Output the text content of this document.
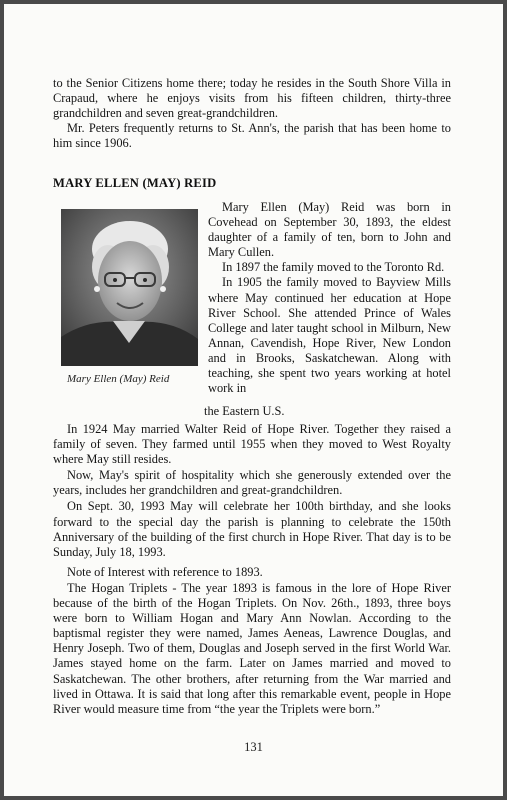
to the Senior Citizens home there; today he resides in the South Shore Villa in Crapaud, where he enjoys visits from his fifteen children, thirty-three grandchildren and seven great-grandchildren.

Mr. Peters frequently returns to St. Ann's, the parish that has been home to him since 1906.

MARY ELLEN (MAY) REID
Mary Ellen (May) Reid

Mary Ellen (May) Reid was born in Covehead on September 30, 1893, the eldest daughter of a family of ten, born to John and Mary Cullen.

In 1897 the family moved to the Toronto Rd.

In 1905 the family moved to Bayview Mills where May continued her education at Hope River School. She attended Prince of Wales College and later taught school in Milburn, New Annan, Cavendish, Hope River, New London and in Brooks, Saskatchewan. Along with teaching, she spent two years working at hotel work in

the Eastern U.S.

In 1924 May married Walter Reid of Hope River. Together they raised a family of seven. They farmed until 1955 when they moved to West Royalty where May still resides.

Now, May's spirit of hospitality which she generously extended over the years, includes her grandchildren and great-grandchildren.

On Sept. 30, 1993 May will celebrate her 100th birthday, and she looks forward to the special day the parish is planning to celebrate the 150th Anniversary of the building of the first church in Hope River. That day is to be Sunday, July 18, 1993.

Note of Interest with reference to 1893.

The Hogan Triplets - The year 1893 is famous in the lore of Hope River because of the birth of the Hogan Triplets. On Nov. 26th., 1893, three boys were born to William Hogan and Mary Ann Nowlan. According to the baptismal register they were named, James Aeneas, Lawrence Douglas, and Henry Joseph. Two of them, Douglas and Joseph served in the first World War. James stayed home on the farm. Later on James married and moved to Saskatchewan. The other brothers, after returning from the War married and lived in Ottawa. It is said that long after this remarkable event, people in Hope River would measure time from “the year the Triplets were born.”

131
